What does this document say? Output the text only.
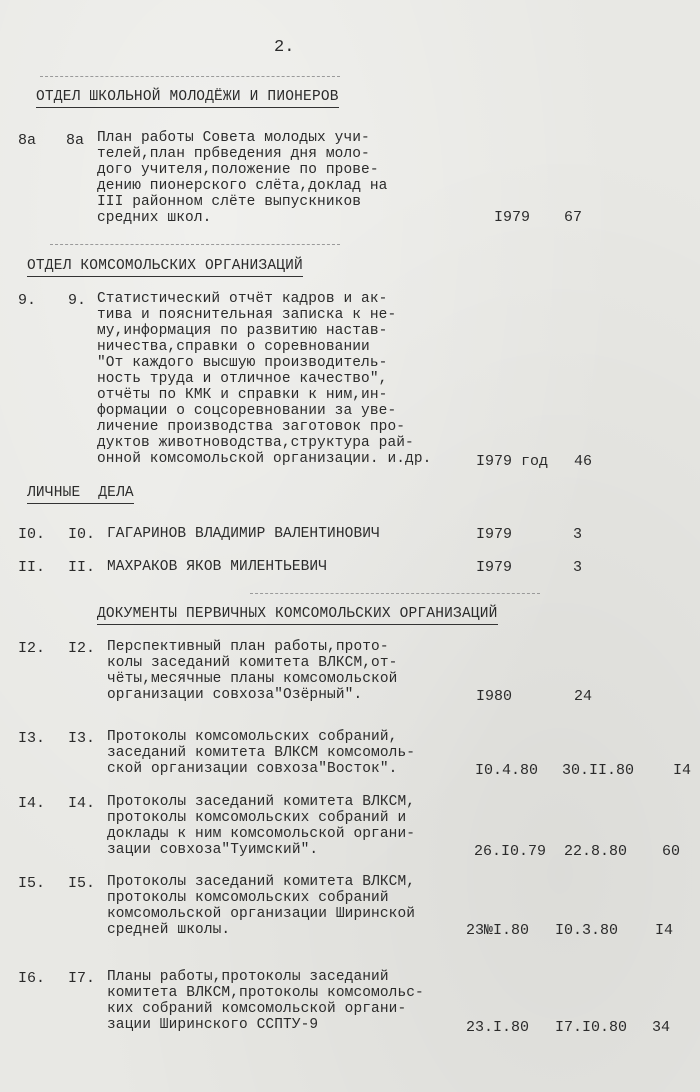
2.
ОТДЕЛ ШКОЛЬНОЙ МОЛОДЁЖИ И ПИОНЕРОВ
8а 8а План работы Совета молодых учи-
телей,план прбведения дня моло-
дого учителя,положение по прове-
дению пионерского слёта,доклад на
III районном слёте выпускников
средних школ.	I979 67
ОТДЕЛ КОМСОМОЛЬСКИХ ОРГАНИЗАЦИЙ
9. 9. Статистический отчёт кадров и ак-
тива и пояснительная записка к не-
му,информация по развитию настав-
ничества,справки о соревновании
"От каждого высшую производитель-
ность труда и отличное качество",
отчёты по КМК и справки к ним,ин-
формации о соцсоревновании за уве-
личение производства заготовок про-
дуктов животноводства,структура рай-
онной комсомольской организации. и.др.	I979 год 46
ЛИЧНЫЕ  ДЕЛА
I0. I0. ГАГАРИНОВ ВЛАДИМИР ВАЛЕНТИНОВИЧ	I979	3
II. II. МАХРАКОВ ЯКОВ МИЛЕНТЬЕВИЧ	I979	3
ДОКУМЕНТЫ ПЕРВИЧНЫХ КОМСОМОЛЬСКИХ ОРГАНИЗАЦИЙ
I2. I2. Перспективный план работы,прото-
колы заседаний комитета ВЛКСМ,от-
чёты,месячные планы комсомольской
организации совхоза"Озёрный".	I980	24
I3. I3. Протоколы комсомольских собраний,
заседаний комитета ВЛКСМ комсомоль-
ской организации совхоза"Восток".	I0.4.80 30.II.80	I4
I4. I4. Протоколы заседаний комитета ВЛКСМ,
протоколы комсомольских собраний и
доклады к ним комсомольской органи-
зации совхоза"Туимский".	26.I0.79 22.8.80 60
I5. I5. Протоколы заседаний комитета ВЛКСМ,
протоколы комсомольских собраний
комсомольской организации Ширинской
средней школы.	23№I.80 I0.3.80 I4
I6. I7. Планы работы,протоколы заседаний
комитета ВЛКСМ,протоколы комсомольс-
ких собраний комсомольской органи-
зации Ширинского ССПТУ-9	23.I.80 I7.I0.80 34
